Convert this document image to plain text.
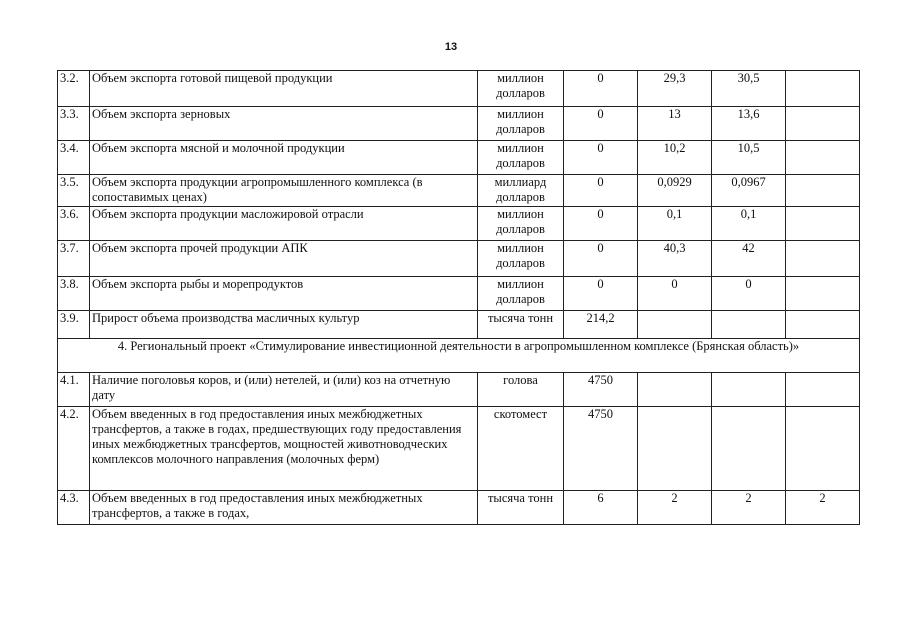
13
3.2.	Объем экспорта готовой пищевой продукции	миллион долларов	0	29,3	30,5	
3.3.	Объем экспорта зерновых	миллион долларов	0	13	13,6	
3.4.	Объем экспорта мясной и молочной продукции	миллион долларов	0	10,2	10,5	
3.5.	Объем экспорта продукции агропромышленного комплекса (в сопоставимых ценах)	миллиард долларов	0	0,0929	0,0967	
3.6.	Объем экспорта продукции масложировой отрасли	миллион долларов	0	0,1	0,1	
3.7.	Объем экспорта прочей продукции АПК	миллион долларов	0	40,3	42	
3.8.	Объем экспорта рыбы и морепродуктов	миллион долларов	0	0	0	
3.9.	Прирост объема производства масличных культур	тысяча тонн	214,2			
4. Региональный проект «Стимулирование инвестиционной деятельности в агропромышленном комплексе (Брянская область)»						
4.1.	Наличие поголовья коров, и (или) нетелей, и (или) коз на отчетную дату	голова	4750			
4.2.	Объем введенных в год предоставления иных межбюджетных трансфертов, а также в годах, предшествующих году предоставления иных межбюджетных трансфертов, мощностей животноводческих комплексов молочного направления (молочных ферм)	скотомест	4750			
4.3.	Объем введенных в год предоставления иных межбюджетных трансфертов, а также в годах,	тысяча тонн	6	2	2	2
